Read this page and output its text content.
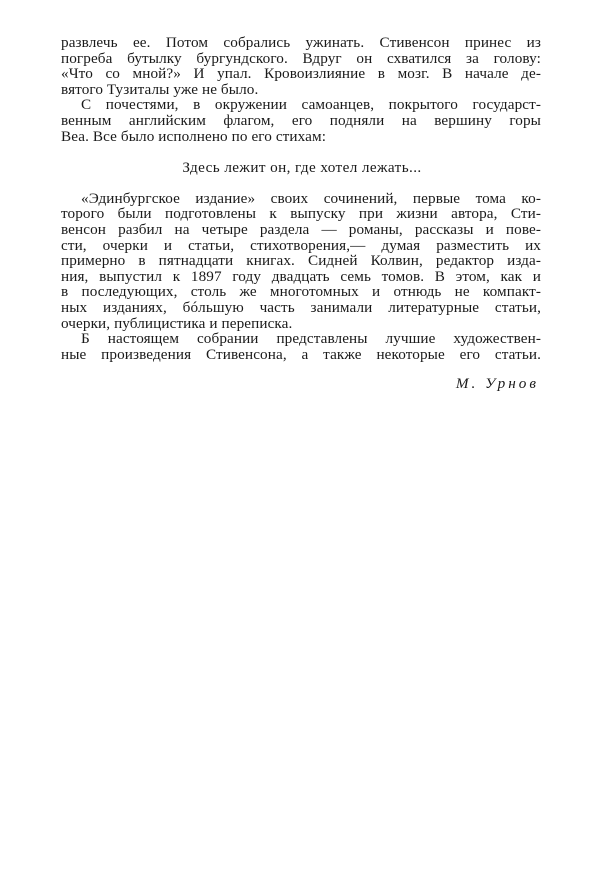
развлечь ее. Потом собрались ужинать. Стивенсон принес из
погреба бутылку бургундского. Вдруг он схватился за голову:
«Что со мной?» И упал. Кровоизлияние в мозг. В начале де-
вятого Тузиталы уже не было.
С почестями, в окружении самоанцев, покрытого государст-
венным английским флагом, его подняли на вершину горы
Веа. Все было исполнено по его стихам:
Здесь лежит он, где хотел лежать...
«Эдинбургское издание» своих сочинений, первые тома ко-
торого были подготовлены к выпуску при жизни автора, Сти-
венсон разбил на четыре раздела — романы, рассказы и пове-
сти, очерки и статьи, стихотворения,— думая разместить их
примерно в пятнадцати книгах. Сидней Колвин, редактор изда-
ния, выпустил к 1897 году двадцать семь томов. В этом, как и
в последующих, столь же многотомных и отнюдь не компакт-
ных изданиях, бóльшую часть занимали литературные статьи,
очерки, публицистика и переписка.
Б настоящем собрании представлены лучшие художествен-
ные произведения Стивенсона, а также некоторые его статьи.
М. Урнов
